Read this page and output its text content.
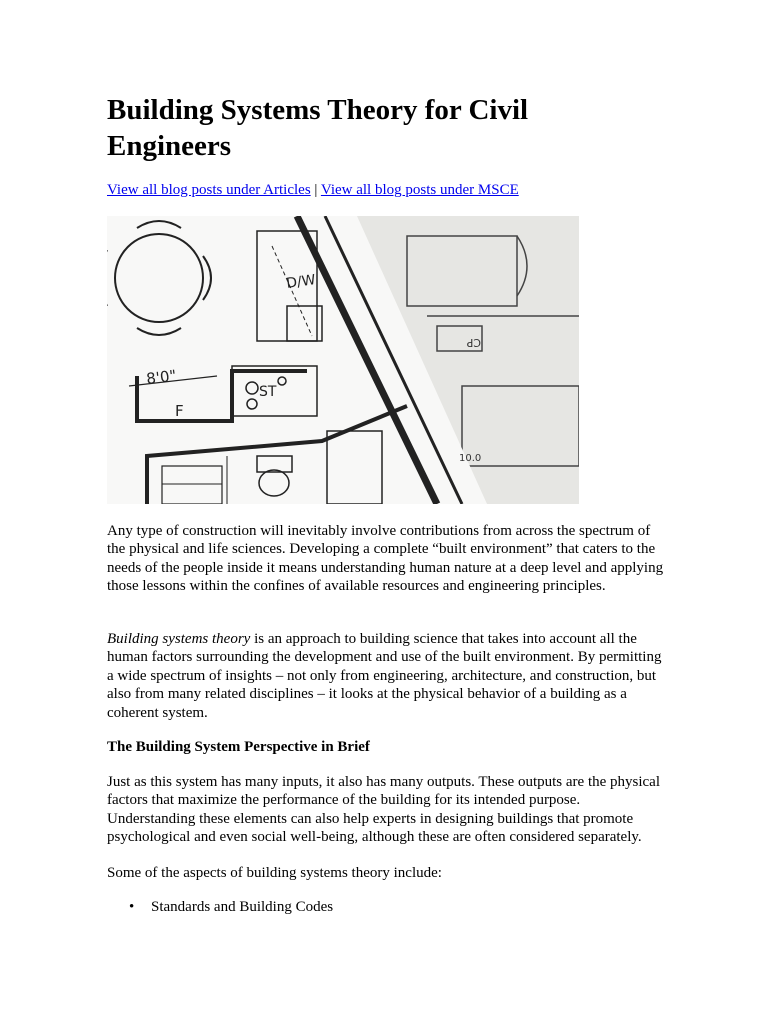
Building Systems Theory for Civil Engineers
View all blog posts under Articles | View all blog posts under MSCE
D/W
8'0"
ST
F
CP
10.0

Any type of construction will inevitably involve contributions from across the spectrum of the physical and life sciences. Developing a complete “built environment” that caters to the needs of the people inside it means understanding human nature at a deep level and applying those lessons within the confines of available resources and engineering principles.

Building systems theory is an approach to building science that takes into account all the human factors surrounding the development and use of the built environment. By permitting a wide spectrum of insights – not only from engineering, architecture, and construction, but also from many related disciplines – it looks at the physical behavior of a building as a coherent system.

The Building System Perspective in Brief

Just as this system has many inputs, it also has many outputs. These outputs are the physical factors that maximize the performance of the building for its intended purpose. Understanding these elements can also help experts in designing buildings that promote psychological and even social well-being, although these are often considered separately.

Some of the aspects of building systems theory include:

• Standards and Building Codes
